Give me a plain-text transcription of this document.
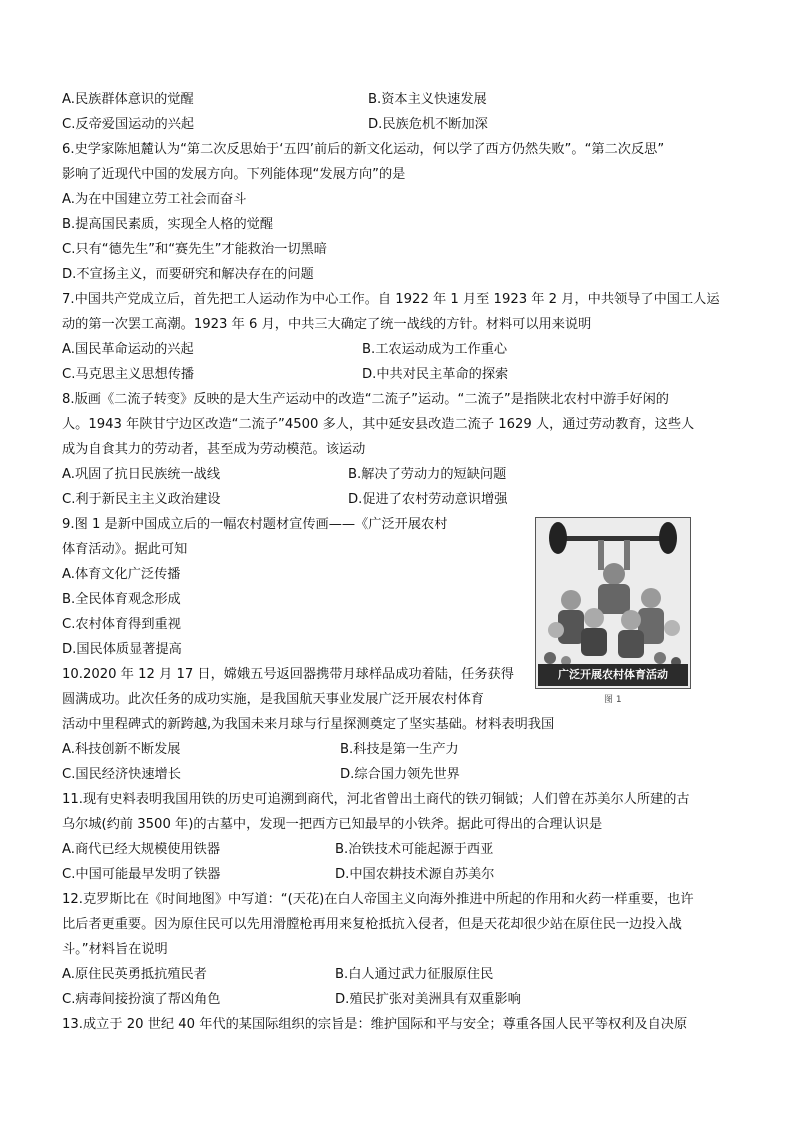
A.民族群体意识的觉醒	B.资本主义快速发展
C.反帝爱国运动的兴起	D.民族危机不断加深
6.史学家陈旭麓认为“第二次反思始于‘五四’前后的新文化运动，何以学了西方仍然失败”。“第二次反思”
影响了近现代中国的发展方向。下列能体现“发展方向”的是
A.为在中国建立劳工社会而奋斗
B.提高国民素质，实现全人格的觉醒
C.只有“德先生”和“赛先生”才能救治一切黑暗
D.不宣扬主义，而要研究和解决存在的问题
7.中国共产党成立后，首先把工人运动作为中心工作。自 1922 年 1 月至 1923 年 2 月，中共领导了中国工人运
动的第一次罢工高潮。1923 年 6 月，中共三大确定了统一战线的方针。材料可以用来说明
A.国民革命运动的兴起	B.工农运动成为工作重心
C.马克思主义思想传播	D.中共对民主革命的探索
8.版画《二流子转变》反映的是大生产运动中的改造“二流子”运动。“二流子”是指陕北农村中游手好闲的
人。1943 年陕甘宁边区改造“二流子”4500 多人，其中延安县改造二流子 1629 人，通过劳动教育，这些人
成为自食其力的劳动者，甚至成为劳动模范。该运动
A.巩固了抗日民族统一战线	B.解决了劳动力的短缺问题
C.利于新民主主义政治建设	D.促进了农村劳动意识增强
9.图 1 是新中国成立后的一幅农村题材宣传画——《广泛开展农村
体育活动》。据此可知
A.体育文化广泛传播
B.全民体育观念形成
C.农村体育得到重视
D.国民体质显著提高
广泛开展农村体育活动
图 1
10.2020 年 12 月 17 日，嫦娥五号返回器携带月球样品成功着陆，任务获得
圆满成功。此次任务的成功实施，是我国航天事业发展广泛开展农村体育
活动中里程碑式的新跨越,为我国未来月球与行星探测奠定了坚实基础。材料表明我国
A.科技创新不断发展	B.科技是第一生产力
C.国民经济快速增长	D.综合国力领先世界
11.现有史料表明我国用铁的历史可追溯到商代，河北省曾出土商代的铁刃铜钺；人们曾在苏美尔人所建的古
乌尔城(约前 3500 年)的古墓中，发现一把西方已知最早的小铁斧。据此可得出的合理认识是
A.商代已经大规模使用铁器	B.冶铁技术可能起源于西亚
C.中国可能最早发明了铁器	D.中国农耕技术源自苏美尔
12.克罗斯比在《时间地图》中写道：“(天花)在白人帝国主义向海外推进中所起的作用和火药一样重要，也许
比后者更重要。因为原住民可以先用滑膛枪再用来复枪抵抗入侵者，但是天花却很少站在原住民一边投入战
斗。”材料旨在说明
A.原住民英勇抵抗殖民者	B.白人通过武力征服原住民
C.病毒间接扮演了帮凶角色	D.殖民扩张对美洲具有双重影响
13.成立于 20 世纪 40 年代的某国际组织的宗旨是：维护国际和平与安全；尊重各国人民平等权利及自决原
